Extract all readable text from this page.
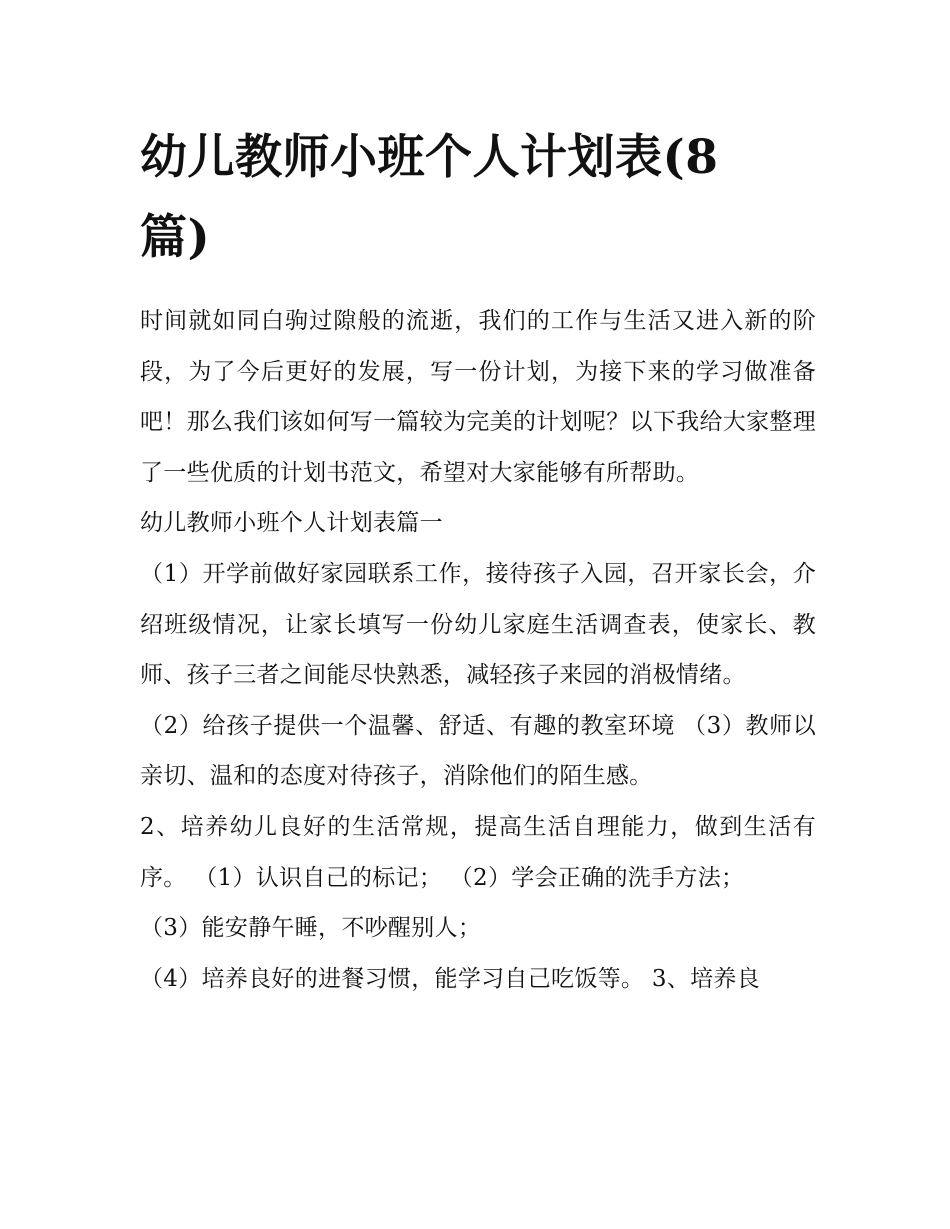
幼儿教师小班个人计划表(8篇)

时间就如同白驹过隙般的流逝，我们的工作与生活又进入新的阶段，为了今后更好的发展，写一份计划，为接下来的学习做准备吧！那么我们该如何写一篇较为完美的计划呢？以下我给大家整理了一些优质的计划书范文，希望对大家能够有所帮助。

幼儿教师小班个人计划表篇一

（1）开学前做好家园联系工作，接待孩子入园，召开家长会，介绍班级情况，让家长填写一份幼儿家庭生活调查表，使家长、教师、孩子三者之间能尽快熟悉，减轻孩子来园的消极情绪。

（2）给孩子提供一个温馨、舒适、有趣的教室环境 （3）教师以亲切、温和的态度对待孩子，消除他们的陌生感。

2、培养幼儿良好的生活常规，提高生活自理能力，做到生活有序。 （1）认识自己的标记； （2）学会正确的洗手方法；

（3）能安静午睡，不吵醒别人；

（4）培养良好的进餐习惯，能学习自己吃饭等。 3、培养良
